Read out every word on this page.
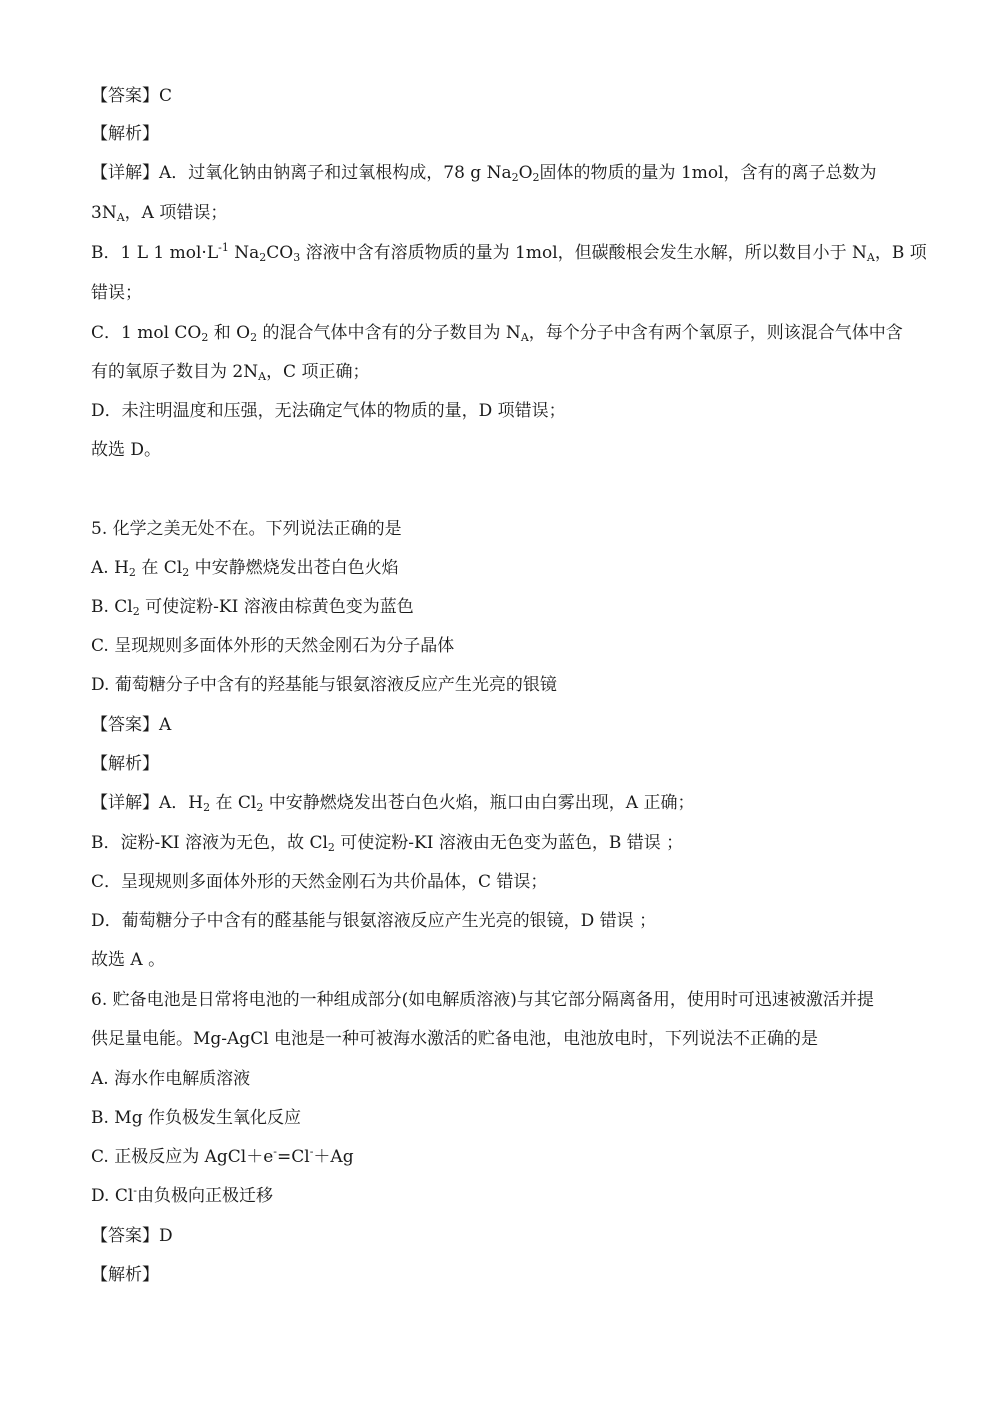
【答案】C
【解析】
【详解】A．过氧化钠由钠离子和过氧根构成，78 g $Na_2O_2$固体的物质的量为 1mol，含有的离子总数为
$3N_A$，A 项错误；
B．1 L 1 $mol\cdot L^{-1}$ $Na_2CO_3$ 溶液中含有溶质物质的量为 1mol，但碳酸根会发生水解，所以数目小于 $N_A$，B 项
错误；
C．1 mol $CO_2$ 和 $O_2$ 的混合气体中含有的分子数目为 $N_A$，每个分子中含有两个氧原子，则该混合气体中含
有的氧原子数目为 $2N_A$，C 项正确；
D．未注明温度和压强，无法确定气体的物质的量，D 项错误；
故选 D。
5. 化学之美无处不在。下列说法正确的是
A. $H_2$ 在 $Cl_2$ 中安静燃烧发出苍白色火焰
B. $Cl_2$ 可使淀粉-KI 溶液由棕黄色变为蓝色
C. 呈现规则多面体外形的天然金刚石为分子晶体
D. 葡萄糖分子中含有的羟基能与银氨溶液反应产生光亮的银镜
【答案】A
【解析】
【详解】A．$H_2$ 在 $Cl_2$ 中安静燃烧发出苍白色火焰，瓶口由白雾出现，A 正确；
B．淀粉-KI 溶液为无色，故 $Cl_2$ 可使淀粉-KI 溶液由无色变为蓝色，B 错误 ；
C．呈现规则多面体外形的天然金刚石为共价晶体，C 错误；
D．葡萄糖分子中含有的醛基能与银氨溶液反应产生光亮的银镜，D 错误 ；
故选 A 。
6. 贮备电池是日常将电池的一种组成部分(如电解质溶液)与其它部分隔离备用，使用时可迅速被激活并提
供足量电能。Mg-AgCl 电池是一种可被海水激活的贮备电池，电池放电时，下列说法不正确的是
A. 海水作电解质溶液
B. Mg 作负极发生氧化反应
C. 正极反应为 AgCl＋e-=Cl-＋Ag
D. Cl-由负极向正极迁移
【答案】D
【解析】
